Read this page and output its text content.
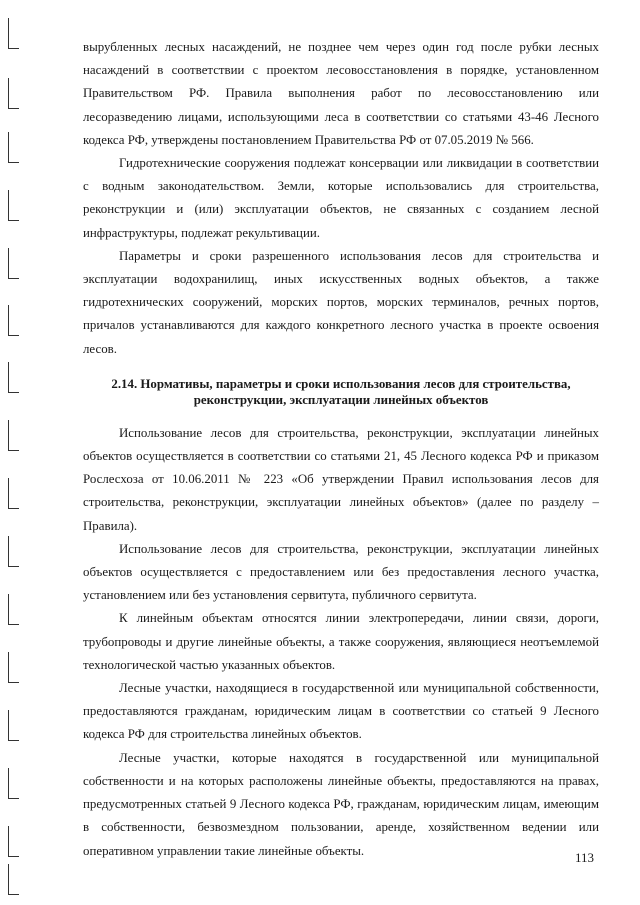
вырубленных лесных насаждений, не позднее чем через один год после рубки лесных насаждений в соответствии с проектом лесовосстановления в порядке, установленном Правительством РФ. Правила выполнения работ по лесовосстановлению или лесоразведению лицами, использующими леса в соответствии со статьями 43-46 Лесного кодекса РФ, утверждены постановлением Правительства РФ от 07.05.2019 № 566.

Гидротехнические сооружения подлежат консервации или ликвидации в соответствии с водным законодательством. Земли, которые использовались для строительства, реконструкции и (или) эксплуатации объектов, не связанных с созданием лесной инфраструктуры, подлежат рекультивации.

Параметры и сроки разрешенного использования лесов для строительства и эксплуатации водохранилищ, иных искусственных водных объектов, а также гидротехнических сооружений, морских портов, морских терминалов, речных портов, причалов устанавливаются для каждого конкретного лесного участка в проекте освоения лесов.

2.14. Нормативы, параметры и сроки использования лесов для строительства,
реконструкции, эксплуатации линейных объектов

Использование лесов для строительства, реконструкции, эксплуатации линейных объектов осуществляется в соответствии со статьями 21, 45 Лесного кодекса РФ и приказом Рослесхоза от 10.06.2011 № 223 «Об утверждении Правил использования лесов для строительства, реконструкции, эксплуатации линейных объектов» (далее по разделу – Правила).

Использование лесов для строительства, реконструкции, эксплуатации линейных объектов осуществляется с предоставлением или без предоставления лесного участка, установлением или без установления сервитута, публичного сервитута.

К линейным объектам относятся линии электропередачи, линии связи, дороги, трубопроводы и другие линейные объекты, а также сооружения, являющиеся неотъемлемой технологической частью указанных объектов.

Лесные участки, находящиеся в государственной или муниципальной собственности, предоставляются гражданам, юридическим лицам в соответствии со статьей 9 Лесного кодекса РФ для строительства линейных объектов.

Лесные участки, которые находятся в государственной или муниципальной собственности и на которых расположены линейные объекты, предоставляются на правах, предусмотренных статьей 9 Лесного кодекса РФ, гражданам, юридическим лицам, имеющим в собственности, безвозмездном пользовании, аренде, хозяйственном ведении или оперативном управлении такие линейные объекты.	113
